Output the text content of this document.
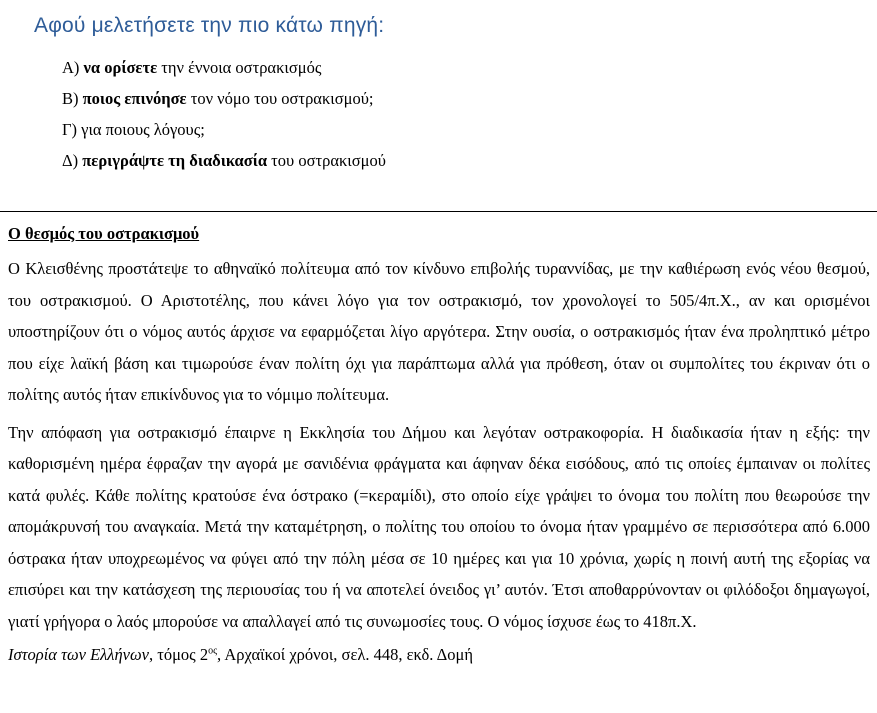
Αφού μελετήσετε την πιο κάτω πηγή:
Α) να ορίσετε την έννοια οστρακισμός
Β) ποιος επινόησε τον νόμο του οστρακισμού;
Γ) για ποιους λόγους;
Δ) περιγράψτε τη διαδικασία του οστρακισμού
Ο θεσμός του οστρακισμού

Ο Κλεισθένης προστάτεψε το αθηναϊκό πολίτευμα από τον κίνδυνο επιβολής τυραννίδας, με την καθιέρωση ενός νέου θεσμού, του οστρακισμού. Ο Αριστοτέλης, που κάνει λόγο για τον οστρακισμό, τον χρονολογεί το 505/4π.Χ., αν και ορισμένοι υποστηρίζουν ότι ο νόμος αυτός άρχισε να εφαρμόζεται λίγο αργότερα. Στην ουσία, ο οστρακισμός ήταν ένα προληπτικό μέτρο που είχε λαϊκή βάση και τιμωρούσε έναν πολίτη όχι για παράπτωμα αλλά για πρόθεση, όταν οι συμπολίτες του έκριναν ότι ο πολίτης αυτός ήταν επικίνδυνος για το νόμιμο πολίτευμα.

Την απόφαση για οστρακισμό έπαιρνε η Εκκλησία του Δήμου και λεγόταν οστρακοφορία. Η διαδικασία ήταν η εξής: την καθορισμένη ημέρα έφραζαν την αγορά με σανιδένια φράγματα και άφηναν δέκα εισόδους, από τις οποίες έμπαιναν οι πολίτες κατά φυλές. Κάθε πολίτης κρατούσε ένα όστρακο (=κεραμίδι), στο οποίο είχε γράψει το όνομα του πολίτη που θεωρούσε την απομάκρυνσή του αναγκαία. Μετά την καταμέτρηση, ο πολίτης του οποίου το όνομα ήταν γραμμένο σε περισσότερα από 6.000 όστρακα ήταν υποχρεωμένος να φύγει από την πόλη μέσα σε 10 ημέρες και για 10 χρόνια, χωρίς η ποινή αυτή της εξορίας να επισύρει και την κατάσχεση της περιουσίας του ή να αποτελεί όνειδος γι’ αυτόν. Έτσι αποθαρρύνονταν οι φιλόδοξοι δημαγωγοί, γιατί γρήγορα ο λαός μπορούσε να απαλλαγεί από τις συνωμοσίες τους. Ο νόμος ίσχυσε έως το 418π.Χ.

Ιστορία των Ελλήνων, τόμος $2^{o\varsigma}$, Αρχαϊκοί χρόνοι, σελ. 448, εκδ. Δομή
